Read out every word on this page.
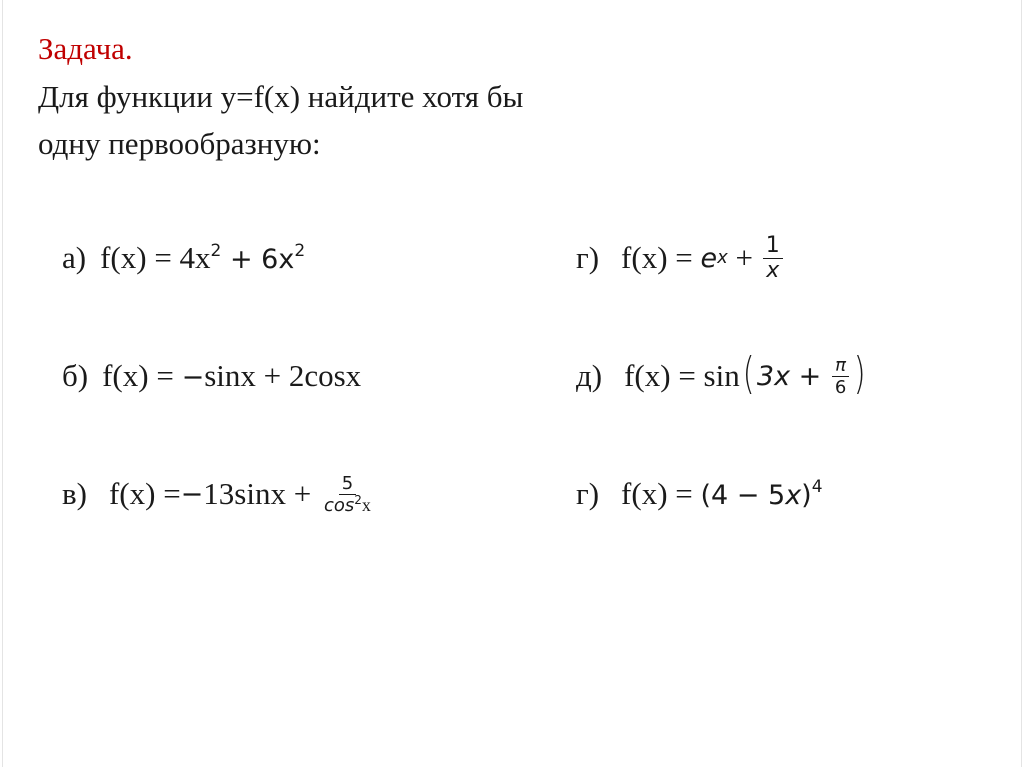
Задача.
Для функции y=f(x) найдите хотя бы
одну первообразную:
а) $f(x) = 4x^2 + 6x^2$
б) f(x) = −sinx + 2cosx
в) f(x) = − $13\sin x + \frac{5}{\cos^2x}$
г) f(x) = e $x + \frac{1}{x}$
д) f(x) = sin ( $3x + \frac{\pi}{6}$ )
г) $f(x) = (4 - 5x)^4$
